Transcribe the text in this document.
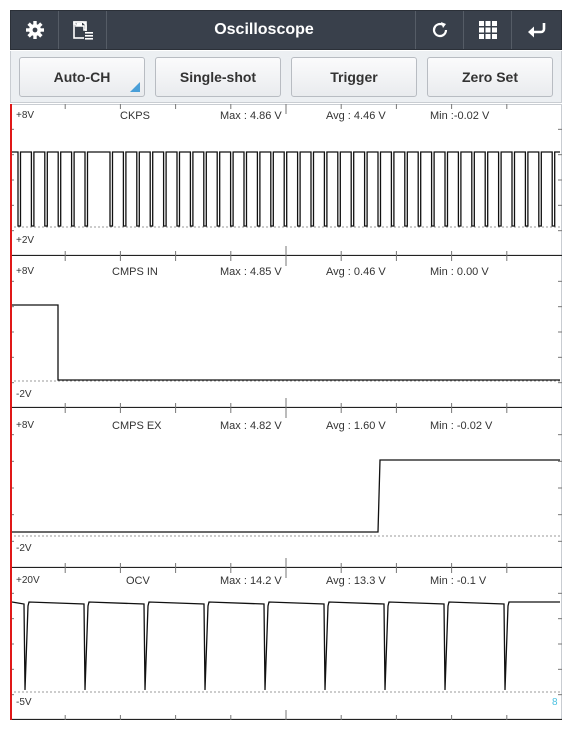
Oscilloscope
Auto-CH	Single-shot	Trigger	Zero Set
+8V	CKPS	Max : 4.86 V	Avg : 4.46 V	Min :-0.02 V
+2V
+8V	CMPS IN	Max : 4.85 V	Avg : 0.46 V	Min : 0.00 V
-2V
+8V	CMPS EX	Max : 4.82 V	Avg : 1.60 V	Min : -0.02 V
-2V
+20V	OCV	Max : 14.2 V	Avg : 13.3 V	Min : -0.1 V
-5V	8
